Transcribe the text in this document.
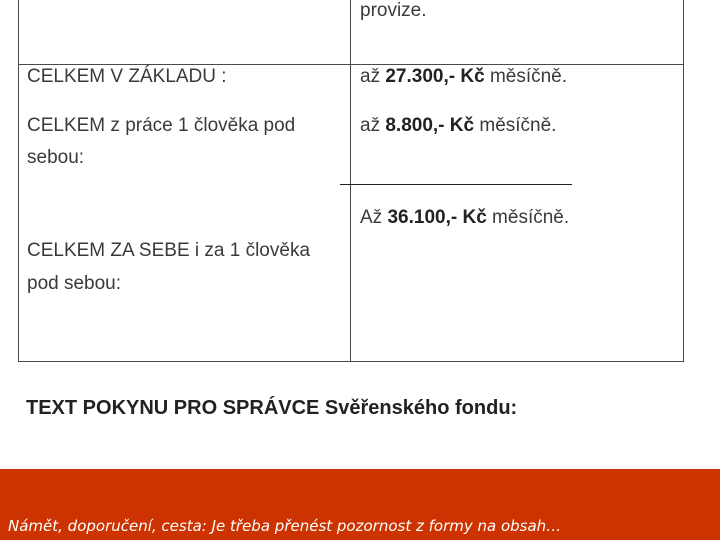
provize.
CELKEM V ZÁKLADU :	až 27.300,- Kč měsíčně.
CELKEM z práce 1 člověka pod
sebou:
až 8.800,- Kč měsíčně.
Až 36.100,- Kč měsíčně.
CELKEM ZA SEBE i za 1 člověka
pod sebou:
TEXT POKYNU PRO SPRÁVCE Svěřenského fondu:
Námět, doporučení, cesta: Je třeba přenést pozornost z formy na obsah…
